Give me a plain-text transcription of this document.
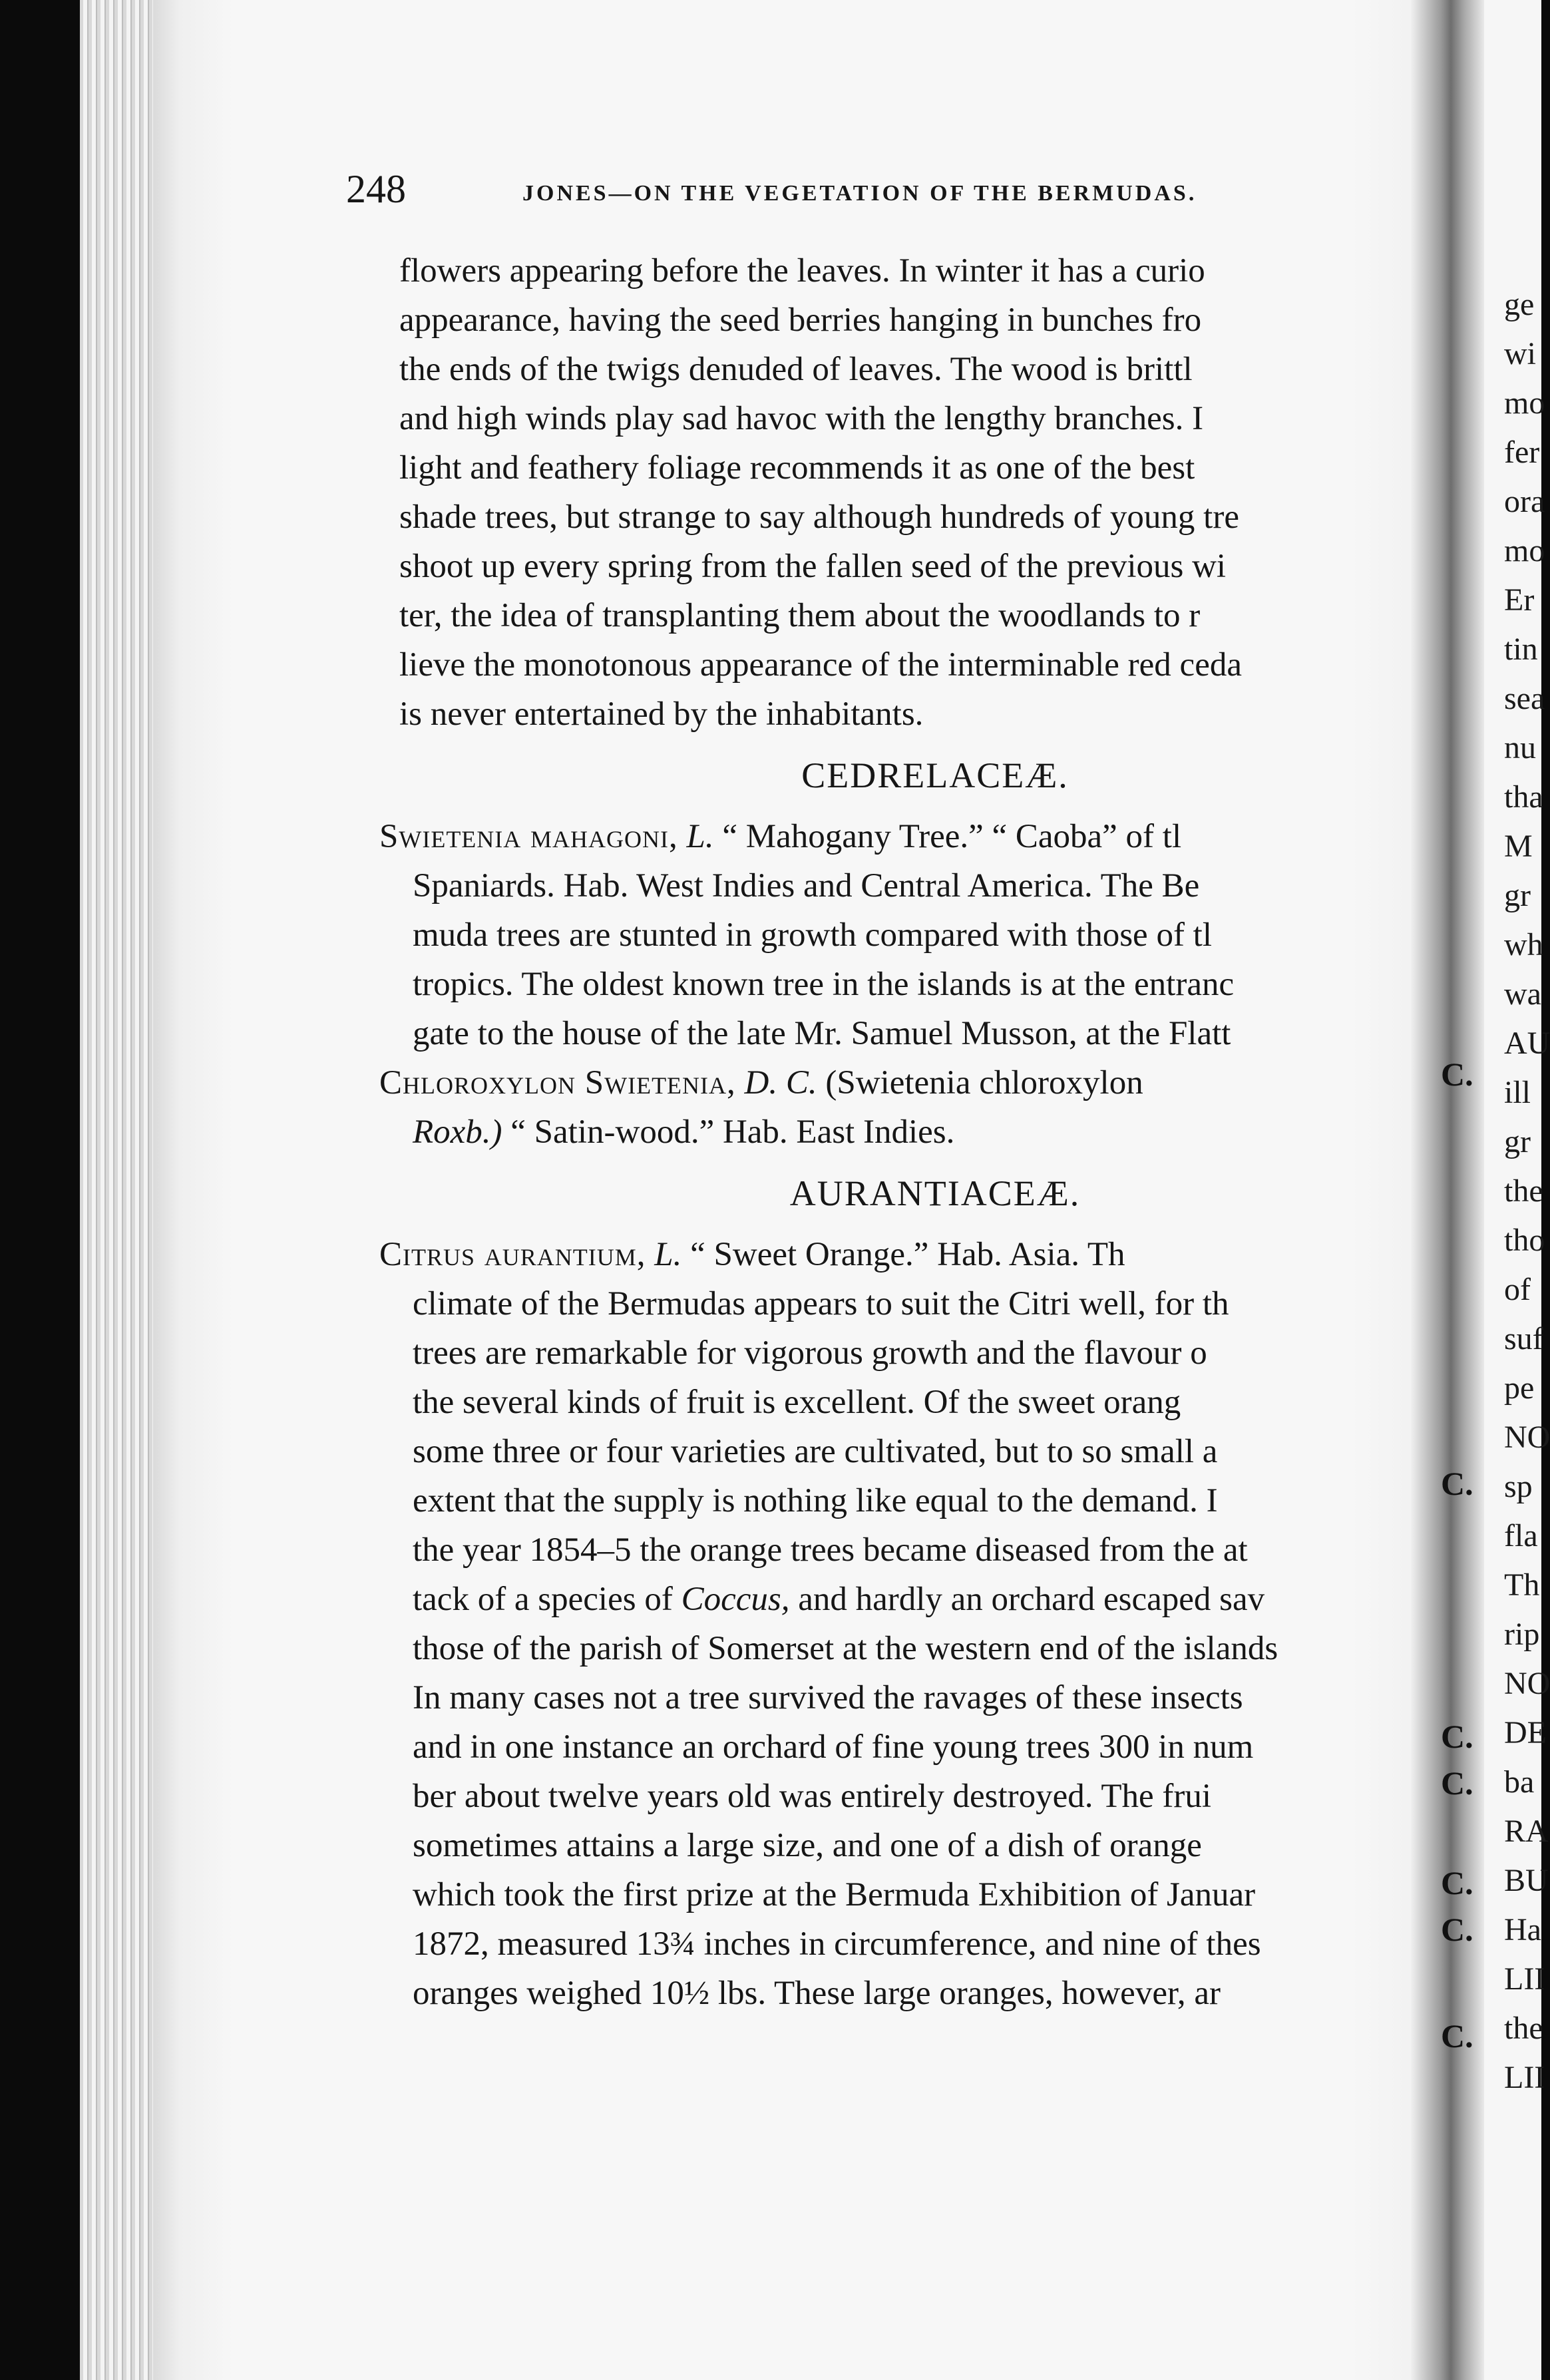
248	JONES—ON THE VEGETATION OF THE BERMUDAS.
flowers appearing before the leaves. In winter it has a curio
appearance, having the seed berries hanging in bunches fro
the ends of the twigs denuded of leaves. The wood is brittl
and high winds play sad havoc with the lengthy branches. I
light and feathery foliage recommends it as one of the best
shade trees, but strange to say although hundreds of young tre
shoot up every spring from the fallen seed of the previous wi
ter, the idea of transplanting them about the woodlands to r
lieve the monotonous appearance of the interminable red ceda
is never entertained by the inhabitants.
CEDRELACEÆ.
Swietenia mahagoni, L. “ Mahogany Tree.” “ Caoba” of tl
Spaniards. Hab. West Indies and Central America. The Be
muda trees are stunted in growth compared with those of tl
tropics. The oldest known tree in the islands is at the entranc
gate to the house of the late Mr. Samuel Musson, at the Flatt
Chloroxylon Swietenia, D. C. (Swietenia chloroxylon
Roxb.) “ Satin-wood.” Hab. East Indies.
AURANTIACEÆ.
Citrus aurantium, L. “ Sweet Orange.” Hab. Asia. Th
climate of the Bermudas appears to suit the Citri well, for th
trees are remarkable for vigorous growth and the flavour o
the several kinds of fruit is excellent. Of the sweet orang
some three or four varieties are cultivated, but to so small a
extent that the supply is nothing like equal to the demand. I
the year 1854–5 the orange trees became diseased from the at
tack of a species of Coccus, and hardly an orchard escaped sav
those of the parish of Somerset at the western end of the islands
In many cases not a tree survived the ravages of these insects
and in one instance an orchard of fine young trees 300 in num
ber about twelve years old was entirely destroyed. The frui
sometimes attains a large size, and one of a dish of orange
which took the first prize at the Bermuda Exhibition of Januar
1872, measured 13¾ inches in circumference, and nine of thes
oranges weighed 10½ lbs. These large oranges, however, ar
C.
C.
C.
C.
C.
C.
C.
ge
wi
mo
fer
ora
mo
Er
tin
sea
nu
tha
M
gr
wh
wa
AU
ill
gr
the
tho
of
suf
pe
NO
sp
fla
Th
rip
NO
DE
ba
RA
BU
Ha
LII
the
LII
